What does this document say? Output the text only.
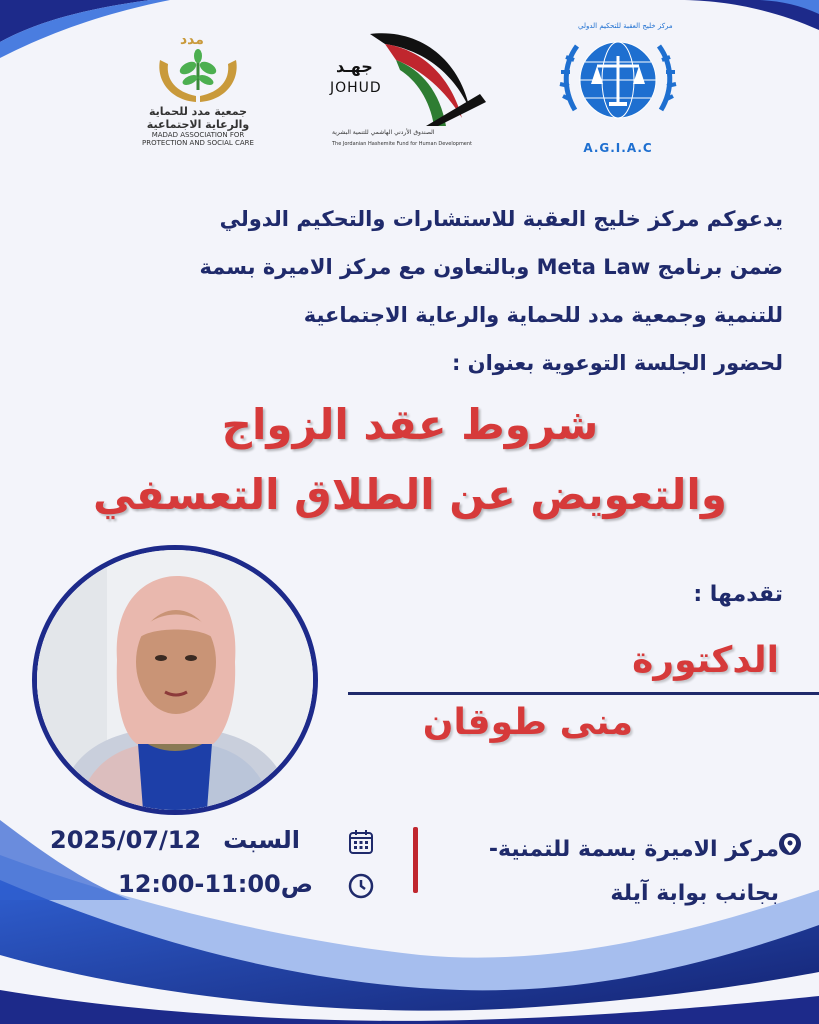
مدد
جمعية مدد للحماية
والرعاية الاجتماعية
MADAD ASSOCIATION FOR
PROTECTION AND SOCIAL CARE
جهـد
JOHUD
الصندوق الأردني الهاشمي للتنمية البشرية
The Jordanian Hashemite Fund for Human Development
مركز خليج العقبة للتحكيم الدولي
A.G.I.A.C
يدعوكم مركز خليج العقبة للاستشارات والتحكيم الدولي
ضمن برنامج Meta Law وبالتعاون مع مركز الاميرة بسمة
للتنمية وجمعية مدد للحماية والرعاية الاجتماعية
لحضور الجلسة التوعوية بعنوان :
شروط عقد الزواج
والتعويض عن الطلاق التعسفي
تقدمها :
الدكتورة
منى طوقان
مركز الاميرة بسمة للتمنية-
بجانب بوابة آيلة
2025/07/12 السبت
12:00-11:00ص
